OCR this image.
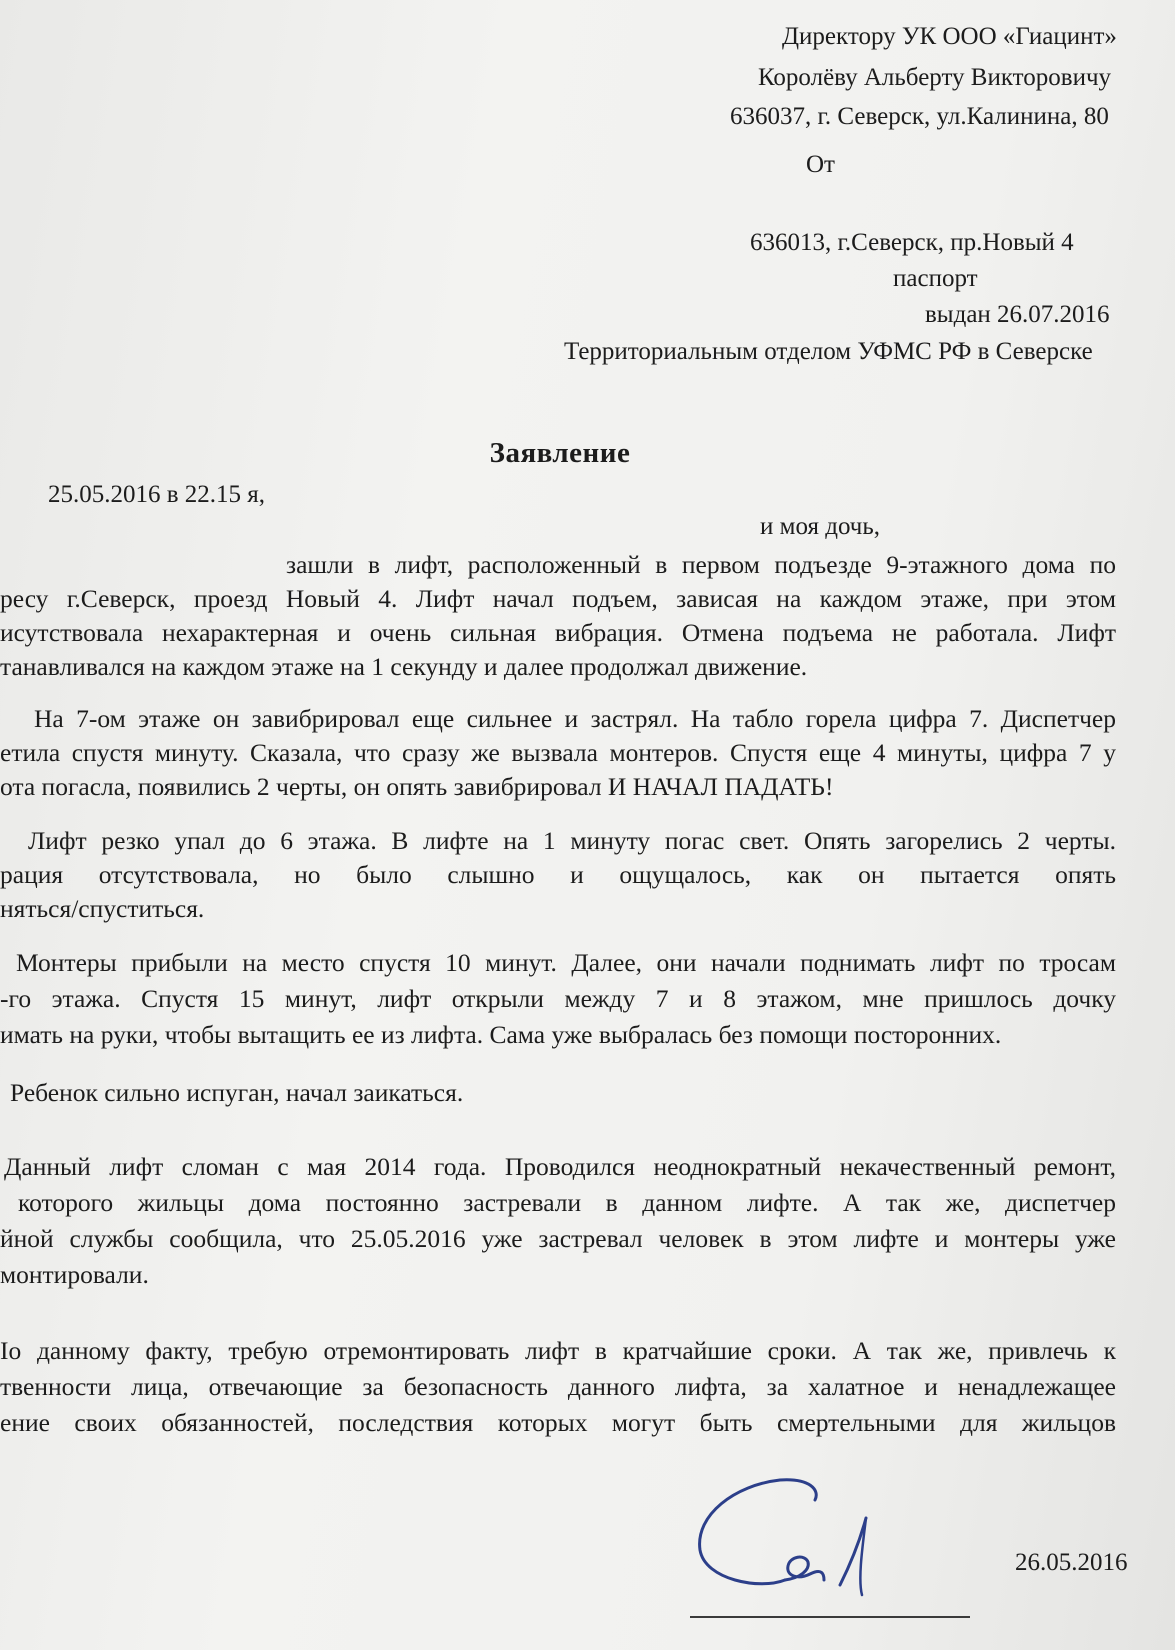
Директору УК ООО «Гиацинт»

Королёву Альберту Викторовичу

636037, г. Северск, ул.Калинина, 80

От

636013, г.Северск, пр.Новый 4

паспорт

выдан 26.07.2016

Территориальным отделом УФМС РФ в Северске

Заявление

25.05.2016 в 22.15 я,

и моя дочь,

зашли в лифт, расположенный в первом подъезде 9-этажного дома по

ресу г.Северск, проезд Новый 4. Лифт начал подъем, зависая на каждом этаже, при этом

исутствовала нехарактерная и очень сильная вибрация. Отмена подъема не работала. Лифт

танавливался на каждом этаже на 1 секунду и далее продолжал движение.

На 7-ом этаже он завибрировал еще сильнее и застрял. На табло горела цифра 7. Диспетчер

етила спустя минуту. Сказала, что сразу же вызвала монтеров. Спустя еще 4 минуты, цифра 7 у

ота погасла, появились 2 черты, он опять завибрировал И НАЧАЛ ПАДАТЬ!

Лифт резко упал до 6 этажа. В лифте на 1 минуту погас свет. Опять загорелись 2 черты.

рация отсутствовала, но было слышно и ощущалось, как он пытается опять

няться/спуститься.

Монтеры прибыли на место спустя 10 минут. Далее, они начали поднимать лифт по тросам

-го этажа. Спустя 15 минут, лифт открыли между 7 и 8 этажом, мне пришлось дочку

имать на руки, чтобы вытащить ее из лифта. Сама уже выбралась без помощи посторонних.

Ребенок сильно испуган, начал заикаться.

Данный лифт сломан с мая 2014 года. Проводился неоднократный некачественный ремонт,

которого жильцы дома постоянно застревали в данном лифте. А так же, диспетчер

йной службы сообщила, что 25.05.2016 уже застревал человек в этом лифте и монтеры уже

монтировали.

Iо данному факту, требую отремонтировать лифт в кратчайшие сроки. А так же, привлечь к

твенности лица, отвечающие за безопасность данного лифта, за халатное и ненадлежащее

ение своих обязанностей, последствия которых могут быть смертельными для жильцов

26.05.2016
